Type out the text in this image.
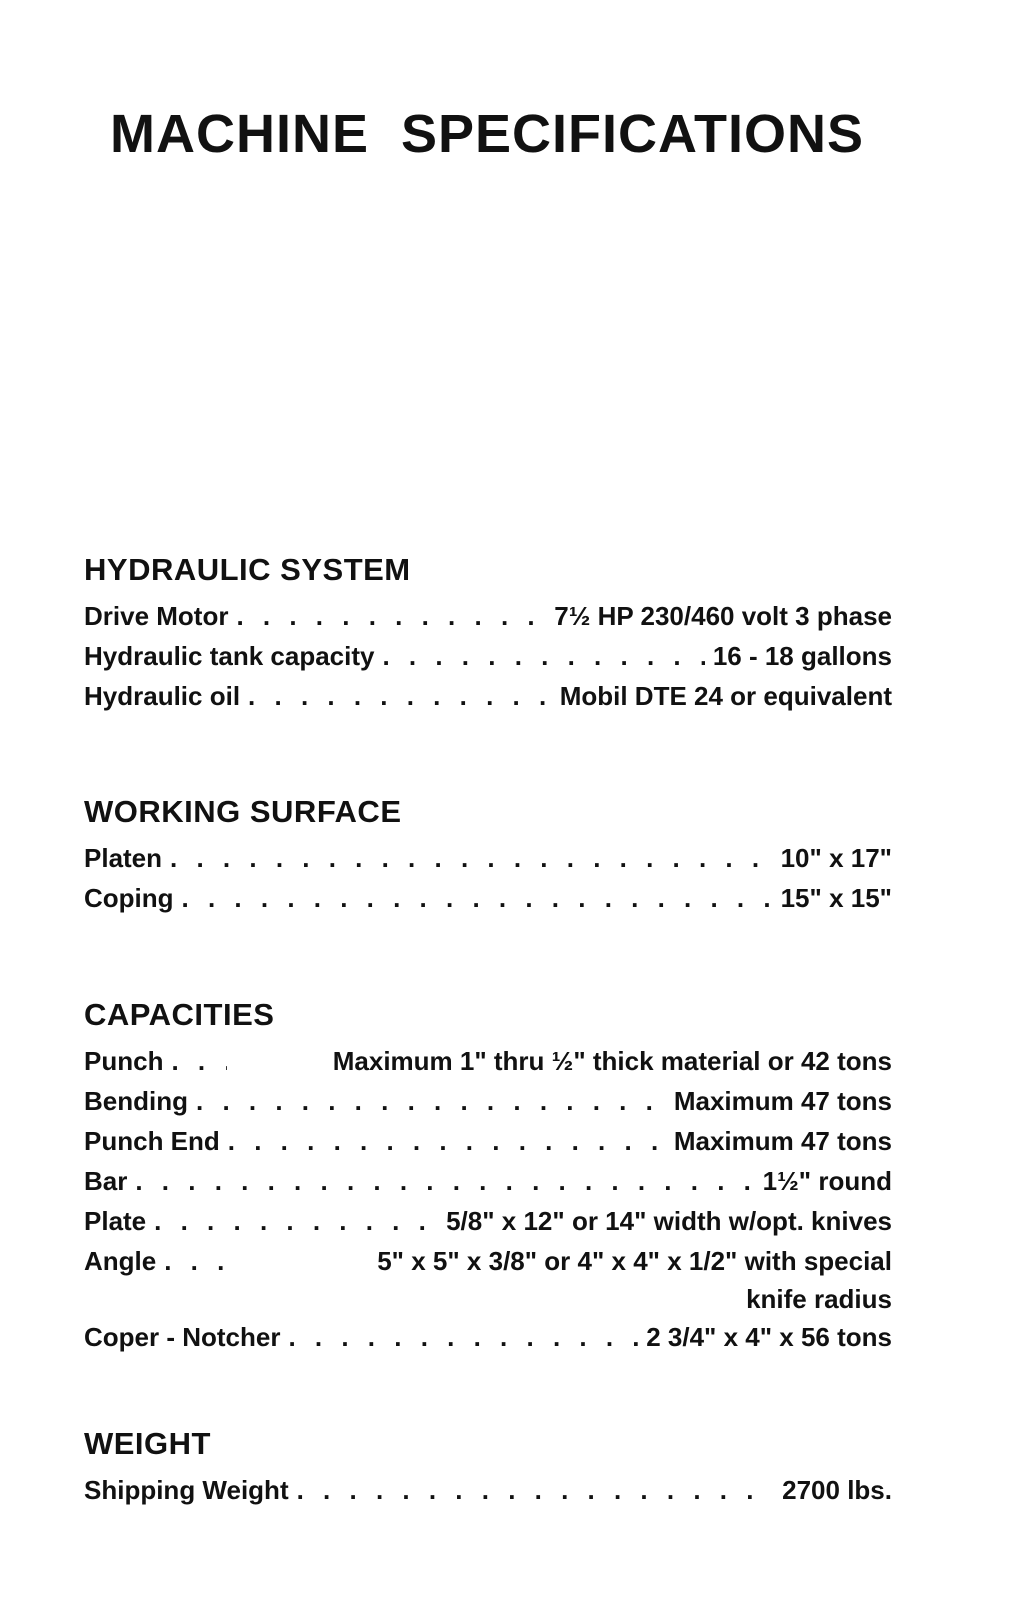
MACHINE SPECIFICATIONS
HYDRAULIC SYSTEM
Drive Motor . . .	7½ HP 230/460 volt 3 phase
Hydraulic tank capacity . . .	16 - 18 gallons
Hydraulic oil . . .	Mobil DTE 24 or equivalent
WORKING SURFACE
Platen . . .	10" x 17"
Coping . . .	15" x 15"
CAPACITIES
Punch . . .	Maximum 1" thru ½" thick material or 42 tons
Bending . . .	Maximum 47 tons
Punch End . . .	Maximum 47 tons
Bar . . .	1½" round
Plate . . .	5/8" x 12" or 14" width w/opt. knives
Angle . . .	5" x 5" x 3/8" or 4" x 4" x 1/2" with special
knife radius
Coper - Notcher . . .	2 3/4" x 4" x 56 tons
WEIGHT
Shipping Weight . . .	2700 lbs.
